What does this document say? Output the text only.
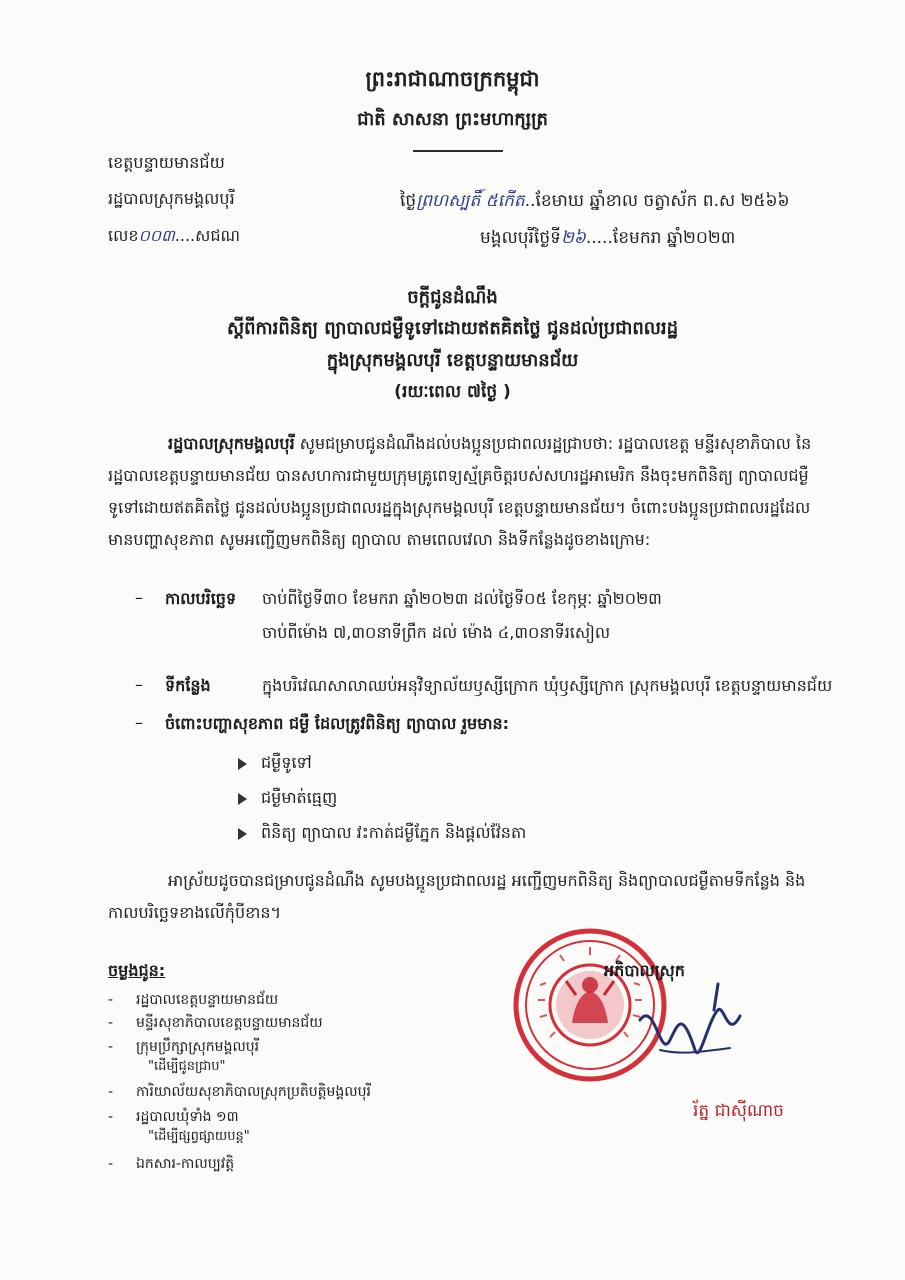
ព្រះរាជាណាចក្រកម្ពុជា
ជាតិ សាសនា ព្រះមហាក្សត្រ
ខេត្តបន្ទាយមានជ័យ
រដ្ឋបាលស្រុកមង្គលបុរី
លេខ០០៣....សជណ
ថ្ងៃព្រហស្បតិ៍ ៥កើត..ខែមាឃ ឆ្នាំខាល ចត្វាស័ក ព.ស ២៥៦៦
មង្គលបុរីថ្ងៃទី២៦.....ខែមករា ឆ្នាំ២០២៣
ចក្តីជូនដំណឹង
ស្តីពីការពិនិត្យ ព្យាបាលជម្ងឺទូទៅដោយឥតគិតថ្លៃ ជូនដល់ប្រជាពលរដ្ឋ
ក្នុងស្រុកមង្គលបុរី ខេត្តបន្ទាយមានជ័យ
(រយៈពេល ៧ថ្ងៃ )
រដ្ឋបាលស្រុកមង្គលបុរី សូមជម្រាបជូនដំណឹងដល់បងប្អូនប្រជាពលរដ្ឋជ្រាបថា: រដ្ឋបាលខេត្ត មន្ទីរសុខាភិបាល នៃរដ្ឋបាលខេត្តបន្ទាយមានជ័យ បានសហការជាមួយក្រុមគ្រូពេទ្យស្ម័គ្រចិត្តរបស់សហរដ្ឋអាមេរិក នឹងចុះមកពិនិត្យ ព្យាបាលជម្ងឺទូទៅដោយឥតគិតថ្លៃ ជូនដល់បងប្អូនប្រជាពលរដ្ឋក្នុងស្រុកមង្គលបុរី ខេត្តបន្ទាយមានជ័យ។ ចំពោះបងប្អូនប្រជាពលរដ្ឋដែលមានបញ្ហាសុខភាព សូមអញ្ជើញមកពិនិត្យ ព្យាបាល តាមពេលវេលា និងទីកន្លែងដូចខាងក្រោម:
– កាលបរិច្ឆេទ ចាប់ពីថ្ងៃទី៣០ ខែមករា ឆ្នាំ២០២៣ ដល់ថ្ងៃទី០៥ ខែកុម្ភៈ ឆ្នាំ២០២៣
ចាប់ពីម៉ោង ៧,៣០នាទីព្រឹក ដល់ ម៉ោង ៤,៣០នាទីរសៀល
– ទីកន្លែង	ក្នុងបរិវេណសាលាឈប់អនុវិទ្យាល័យឫស្សីក្រោក ឃុំឫស្សីក្រោក ស្រុកមង្គលបុរី ខេត្តបន្ទាយមានជ័យ
– ចំពោះបញ្ហាសុខភាព ជម្ងឺ ដែលត្រូវពិនិត្យ ព្យាបាល រួមមាន:
ជម្ងឺទូទៅ
ជម្ងឺមាត់ធ្មេញ
ពិនិត្យ ព្យាបាល វះកាត់ជម្ងឺភ្នែក និងផ្តល់វ៉ែនតា
អាស្រ័យដូចបានជម្រាបជូនដំណឹង សូមបងប្អូនប្រជាពលរដ្ឋ អញ្ជើញមកពិនិត្យ និងព្យាបាលជម្ងឺតាមទីកន្លែង និងកាលបរិច្ឆេទខាងលើកុំបីខាន។
ចម្លងជូន:
- រដ្ឋបាលខេត្តបន្ទាយមានជ័យ
- មន្ទីរសុខាភិបាលខេត្តបន្ទាយមានជ័យ
- ក្រុមប្រឹក្សាស្រុកមង្គលបុរី
"ដើម្បីជូនជ្រាប"
- ការិយាល័យសុខាភិបាលស្រុកប្រតិបត្តិមង្គលបុរី
- រដ្ឋបាលឃុំទាំង ១៣
"ដើម្បីផ្សព្វផ្សាយបន្ត"
- ឯកសារ-កាលប្បវត្តិ
អភិបាលស្រុក
រ័ត្ន ជាស៊ីណាច
